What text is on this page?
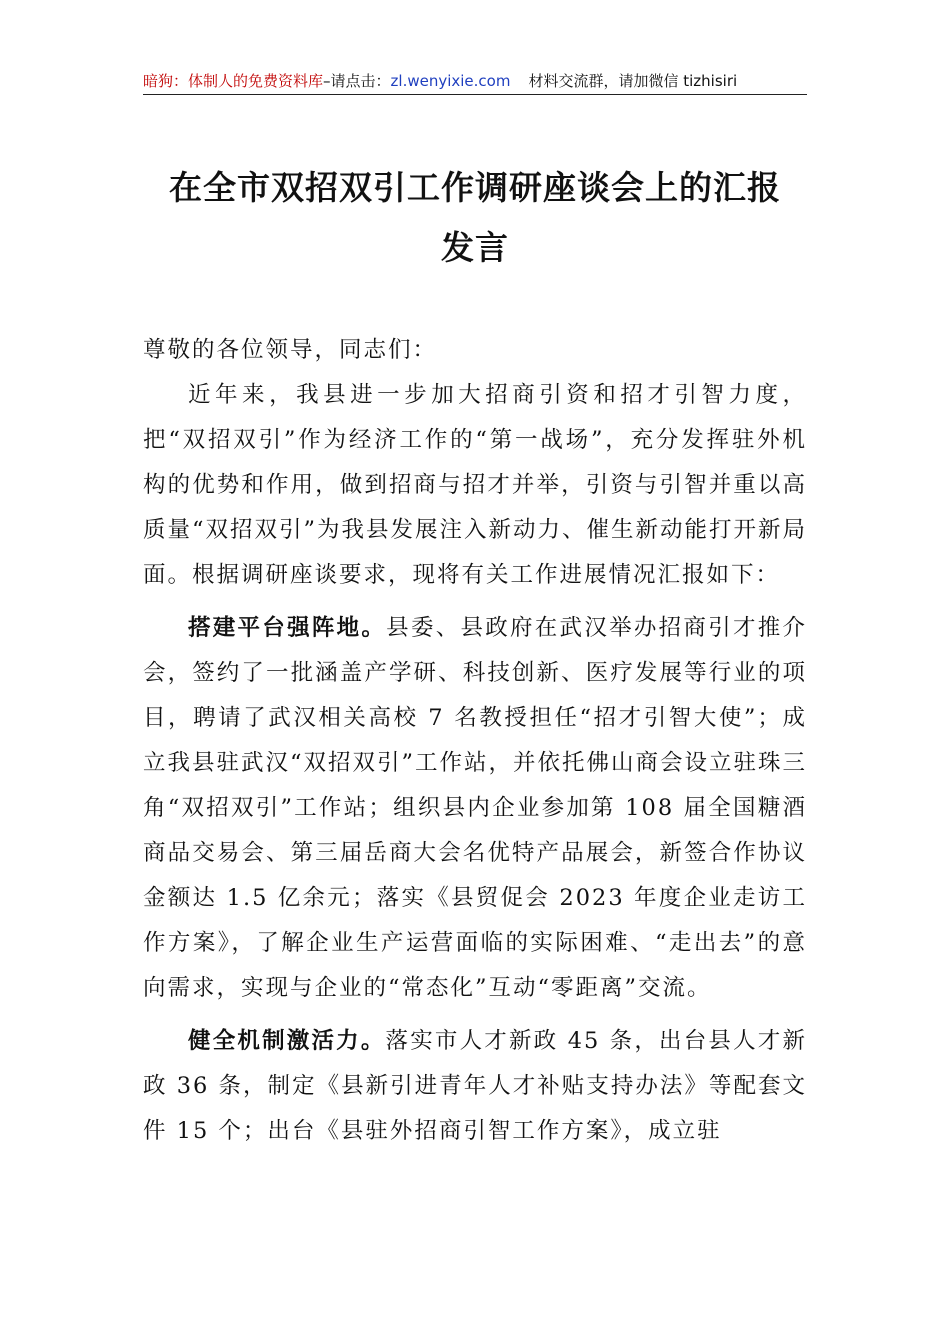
暗狗：体制人的免费资料库–请点击：zl.wenyixie.com 材料交流群，请加微信 tizhisiri
在全市双招双引工作调研座谈会上的汇报
发言

尊敬的各位领导，同志们：

近年来，我县进一步加大招商引资和招才引智力度，把“双招双引”作为经济工作的“第一战场”，充分发挥驻外机构的优势和作用，做到招商与招才并举，引资与引智并重以高质量“双招双引”为我县发展注入新动力、催生新动能打开新局面。根据调研座谈要求，现将有关工作进展情况汇报如下：

搭建平台强阵地。县委、县政府在武汉举办招商引才推介会，签约了一批涵盖产学研、科技创新、医疗发展等行业的项目，聘请了武汉相关高校 7 名教授担任“招才引智大使”；成立我县驻武汉“双招双引”工作站，并依托佛山商会设立驻珠三角“双招双引”工作站；组织县内企业参加第 108 届全国糖酒商品交易会、第三届岳商大会名优特产品展会，新签合作协议金额达 1.5 亿余元；落实《县贸促会 2023 年度企业走访工作方案》，了解企业生产运营面临的实际困难、“走出去”的意向需求，实现与企业的“常态化”互动“零距离”交流。

健全机制激活力。落实市人才新政 45 条，出台县人才新政 36 条，制定《县新引进青年人才补贴支持办法》等配套文件 15 个；出台《县驻外招商引智工作方案》，成立驻
